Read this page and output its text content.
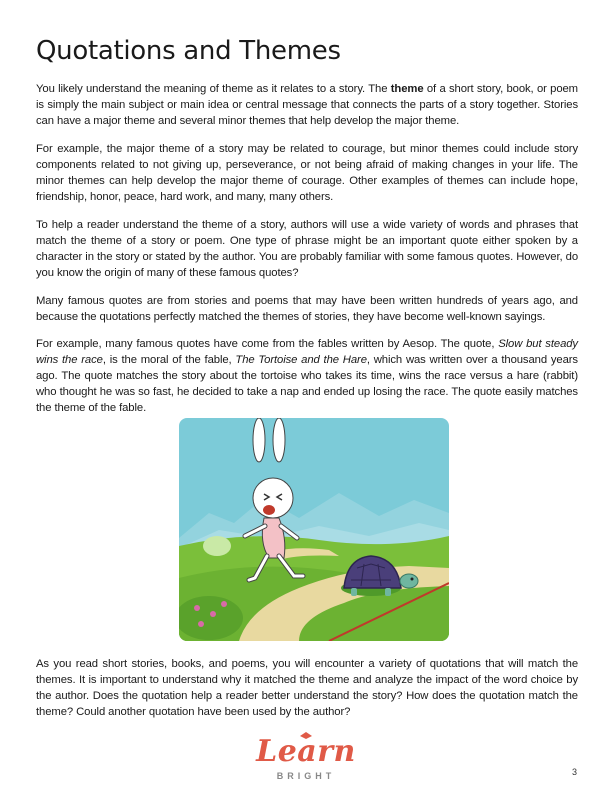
Quotations and Themes

You likely understand the meaning of theme as it relates to a story. The theme of a short story, book, or poem is simply the main subject or main idea or central message that connects the parts of a story together. Stories can have a major theme and several minor themes that help develop the major theme.

For example, the major theme of a story may be related to courage, but minor themes could include story components related to not giving up, perseverance, or not being afraid of making changes in your life. The minor themes can help develop the major theme of courage. Other examples of themes can include hope, friendship, honor, peace, hard work, and many, many others.

To help a reader understand the theme of a story, authors will use a wide variety of words and phrases that match the theme of a story or poem. One type of phrase might be an important quote either spoken by a character in the story or stated by the author. You are probably familiar with some famous quotes. However, do you know the origin of many of these famous quotes?

Many famous quotes are from stories and poems that may have been written hundreds of years ago, and because the quotations perfectly matched the themes of stories, they have become well-known sayings.

For example, many famous quotes have come from the fables written by Aesop. The quote, Slow but steady wins the race, is the moral of the fable, The Tortoise and the Hare, which was written over a thousand years ago. The quote matches the story about the tortoise who takes its time, wins the race versus a hare (rabbit) who thought he was so fast, he decided to take a nap and ended up losing the race. The quote easily matches the theme of the fable.

As you read short stories, books, and poems, you will encounter a variety of quotations that will match the themes. It is important to understand why it matched the theme and analyze the impact of the word choice by the author. Does the quotation help a reader better understand the story? How does the quotation match the theme? Could another quotation have been used by the author?

Learn
BRIGHT	3
